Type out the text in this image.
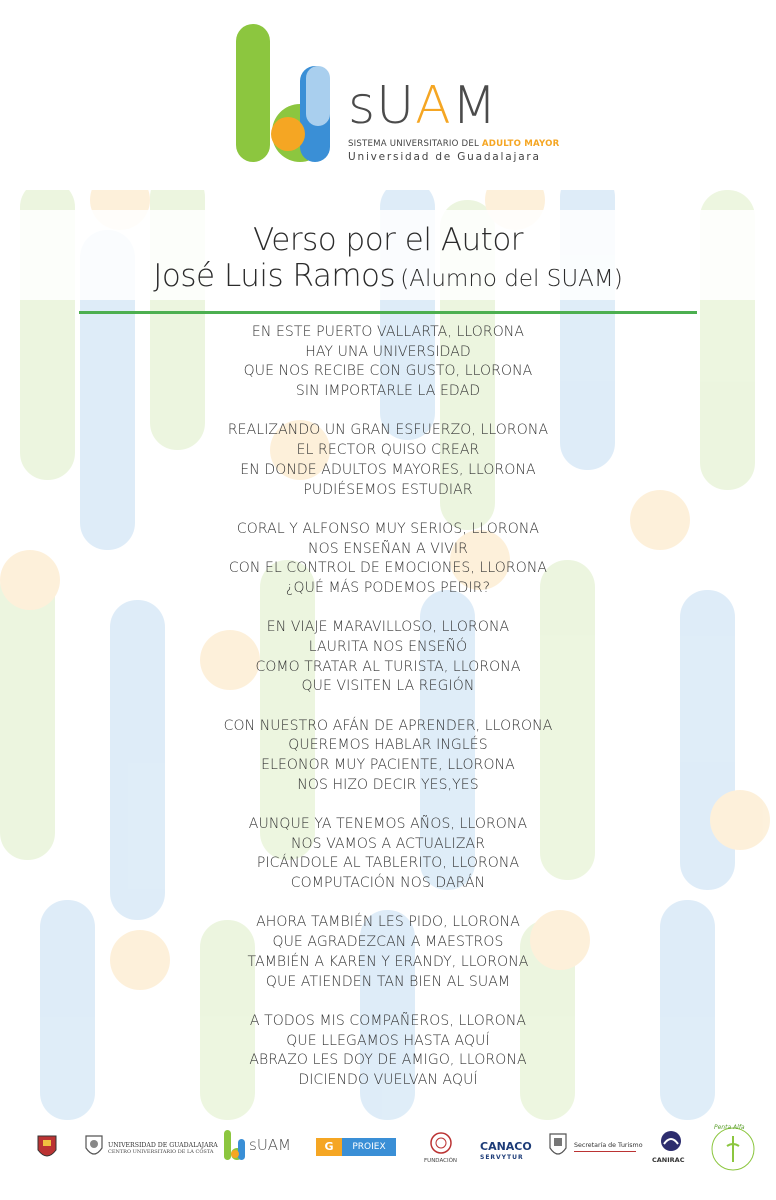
sUAM
SISTEMA UNIVERSITARIO DEL ADULTO MAYOR
Universidad de Guadalajara
Verso por el Autor
José Luis Ramos (Alumno del SUAM)
EN ESTE PUERTO VALLARTA, LLORONA
HAY UNA UNIVERSIDAD
QUE NOS RECIBE CON GUSTO, LLORONA
SIN IMPORTARLE LA EDAD
REALIZANDO UN GRAN ESFUERZO, LLORONA
EL RECTOR QUISO CREAR
EN DONDE ADULTOS MAYORES, LLORONA
PUDIÉSEMOS ESTUDIAR
CORAL Y ALFONSO MUY SERIOS, LLORONA
NOS ENSEÑAN A VIVIR
CON EL CONTROL DE EMOCIONES, LLORONA
¿QUÉ MÁS PODEMOS PEDIR?
EN VIAJE MARAVILLOSO, LLORONA
LAURITA NOS ENSEÑÓ
COMO TRATAR AL TURISTA, LLORONA
QUE VISITEN LA REGIÓN
CON NUESTRO AFÁN DE APRENDER, LLORONA
QUEREMOS HABLAR INGLÉS
ELEONOR MUY PACIENTE, LLORONA
NOS HIZO DECIR YES,YES
AUNQUE YA TENEMOS AÑOS, LLORONA
NOS VAMOS A ACTUALIZAR
PICÁNDOLE AL TABLERITO, LLORONA
COMPUTACIÓN NOS DARÁN
AHORA TAMBIÉN LES PIDO, LLORONA
QUE AGRADEZCAN A MAESTROS
TAMBIÉN A KAREN Y ERANDY, LLORONA
QUE ATIENDEN TAN BIEN AL SUAM
A TODOS MIS COMPAÑEROS, LLORONA
QUE LLEGAMOS HASTA AQUÍ
ABRAZO LES DOY DE AMIGO, LLORONA
DICIENDO VUELVAN AQUÍ
UNIVERSIDAD DE GUADALAJARA
CENTRO UNIVERSITARIO DE LA COSTA sUAM	G	PROIEX
FUNDACIÓN
CANACO
SERVYTUR
Secretaría de Turismo
CANIRAC
Penta Alfa
